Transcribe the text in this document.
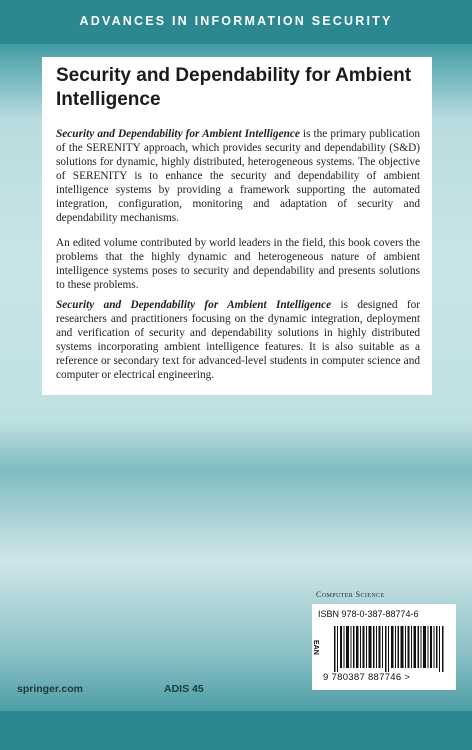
ADVANCES IN INFORMATION SECURITY
Security and Dependability for Ambient Intelligence

Security and Dependability for Ambient Intelligence is the primary publication of the SERENITY approach, which provides security and dependability (S&D) solutions for dynamic, highly distributed, heterogeneous systems. The objective of SERENITY is to enhance the security and dependability of ambient intelligence systems by providing a framework supporting the automated integration, configuration, monitoring and adaptation of security and dependability mechanisms.

An edited volume contributed by world leaders in the field, this book covers the problems that the highly dynamic and heterogeneous nature of ambient intelligence systems poses to security and dependability and presents solutions to these problems.

Security and Dependability for Ambient Intelligence is designed for researchers and practitioners focusing on the dynamic integration, deployment and verification of security and dependability solutions in highly distributed systems incorporating ambient intelligence features. It is also suitable as a reference or secondary text for advanced-level students in computer science and computer or electrical engineering.

Computer Science
ISBN 978-0-387-88774-6
EAN
9 780387 887746 >
springer.com	ADIS 45
